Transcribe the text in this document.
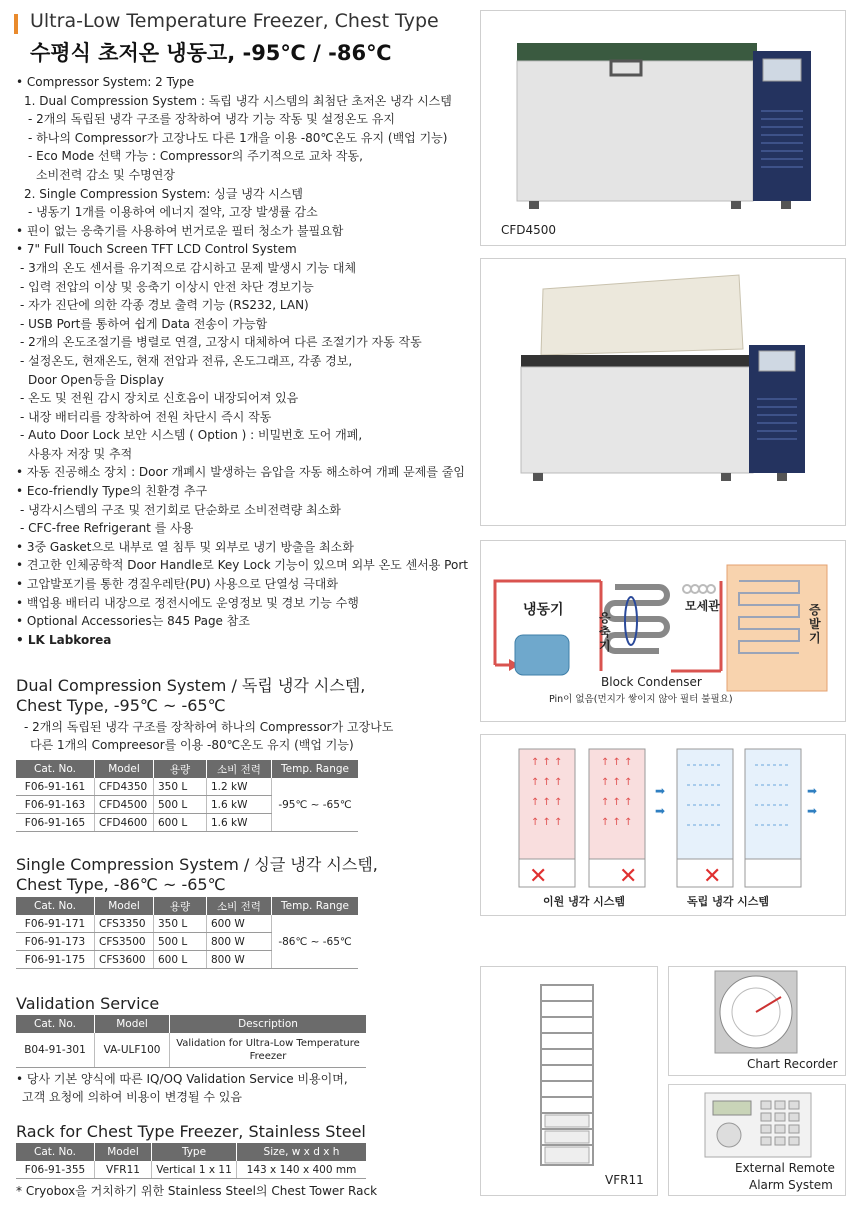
Ultra-Low Temperature Freezer, Chest Type
수평식 초저온 냉동고, -95℃ / -86℃
• Compressor System: 2 Type
1. Dual Compression System : 독립 냉각 시스템의 최첨단 초저온 냉각 시스템
- 2개의 독립된 냉각 구조를 장착하여 냉각 기능 작동 및 설정온도 유지
- 하나의 Compressor가 고장나도 다른 1개을 이용 -80℃온도 유지 (백업 기능)
- Eco Mode 선택 가능 : Compressor의 주기적으로 교차 작동,
소비전력 감소 및 수명연장
2. Single Compression System: 싱글 냉각 시스템
- 냉동기 1개를 이용하여 에너지 절약, 고장 발생률 감소
• 핀이 없는 응축기를 사용하여 번거로운 필터 청소가 불필요함
• 7" Full Touch Screen TFT LCD Control System
- 3개의 온도 센서를 유기적으로 감시하고 문제 발생시 기능 대체
- 입력 전압의 이상 및 응축기 이상시 안전 차단 경보기능
- 자가 진단에 의한 각종 경보 출력 기능 (RS232, LAN)
- USB Port를 통하여 쉽게 Data 전송이 가능함
- 2개의 온도조절기를 병렬로 연결, 고장시 대체하여 다른 조절기가 자동 작동
- 설정온도, 현재온도, 현재 전압과 전류, 온도그래프, 각종 경보,
Door Open등을 Display
- 온도 및 전원 감시 장치로 신호음이 내장되어져 있음
- 내장 배터리를 장착하여 전원 차단시 즉시 작동
- Auto Door Lock 보안 시스템 ( Option ) : 비밀번호 도어 개폐,
사용자 저장 및 추적
• 자동 진공해소 장치 : Door 개폐시 발생하는 음압을 자동 해소하여 개폐 문제를 줄임
• Eco-friendly Type의 친환경 추구
- 냉각시스템의 구조 및 전기회로 단순화로 소비전력량 최소화
- CFC-free Refrigerant 를 사용
• 3중 Gasket으로 내부로 열 침투 및 외부로 냉기 방출을 최소화
• 견고한 인체공학적 Door Handle로 Key Lock 기능이 있으며 외부 온도 센서용 Port
• 고압발포기를 통한 경질우레탄(PU) 사용으로 단열성 극대화
• 백업용 배터리 내장으로 정전시에도 운영정보 및 경보 기능 수행
• Optional Accessories는 845 Page 참조
• LK Labkorea
Dual Compression System / 독립 냉각 시스템,
Chest Type, -95℃ ~ -65℃
- 2개의 독립된 냉각 구조를 장착하여 하나의 Compressor가 고장나도
다른 1개의 Compreesor를 이용 -80℃온도 유지 (백업 기능)
Cat. No.	Model	용량	소비 전력	Temp. Range
F06-91-161	CFD4350	350 L	1.2 kW	-95℃ ~ -65℃
F06-91-163	CFD4500	500 L	1.6 kW	
F06-91-165	CFD4600	600 L	1.6 kW	
Single Compression System / 싱글 냉각 시스템,
Chest Type, -86℃ ~ -65℃
Cat. No.	Model	용량	소비 전력	Temp. Range
F06-91-171	CFS3350	350 L	600 W	-86℃ ~ -65℃
F06-91-173	CFS3500	500 L	800 W	
F06-91-175	CFS3600	600 L	800 W	
Validation Service
Cat. No.	Model	Description
B04-91-301	VA-ULF100	Validation for Ultra-Low Temperature
Freezer
• 당사 기본 양식에 따른 IQ/OQ Validation Service 비용이며,
고객 요청에 의하여 비용이 변경될 수 있음
Rack for Chest Type Freezer, Stainless Steel
Cat. No.	Model	Type	Size, w x d x h
F06-91-355	VFR11	Vertical 1 x 11	143 x 140 x 400 mm
* Cryobox을 거치하기 위한 Stainless Steel의 Chest Tower Rack
CFD4500
냉동기	응축기
모세관	증발기
Block Condenser
Pin이 없음(먼지가 쌓이지 않아 필터 불필요)
↑ ↑ ↑
↑ ↑ ↑
↑ ↑ ↑
↑ ↑ ↑
✕
↑ ↑ ↑
↑ ↑ ↑
↑ ↑ ↑
↑ ↑ ↑
✕
➡
➡
✕
➡
➡
이원 냉각 시스템	독립 냉각 시스템
VFR11
Chart Recorder
External Remote
Alarm System
